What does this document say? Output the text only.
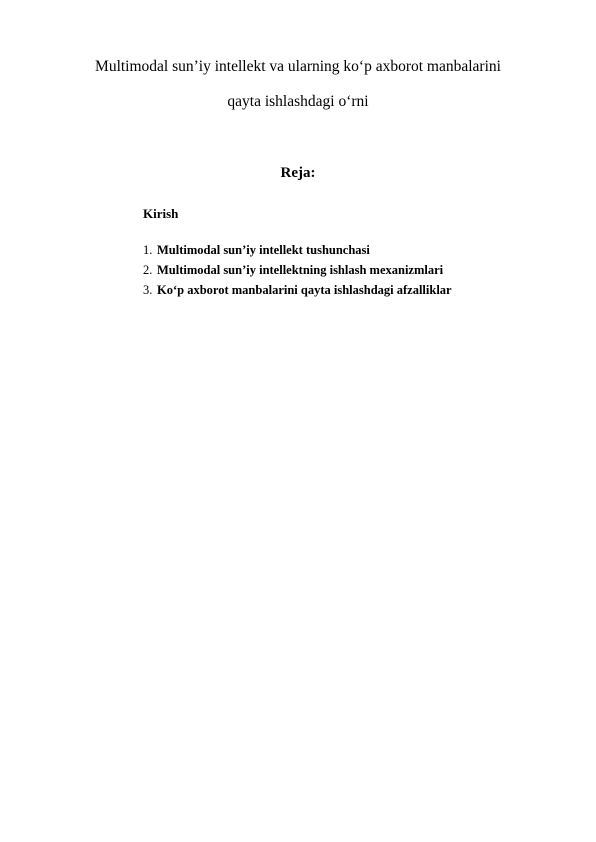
Multimodal sun’iy intellekt va ularning ko‘p axborot manbalarini

qayta ishlashdagi o‘rni

Reja:

Kirish
1. Multimodal sun’iy intellekt tushunchasi
2. Multimodal sun’iy intellektning ishlash mexanizmlari
3. Ko‘p axborot manbalarini qayta ishlashdagi afzalliklar
